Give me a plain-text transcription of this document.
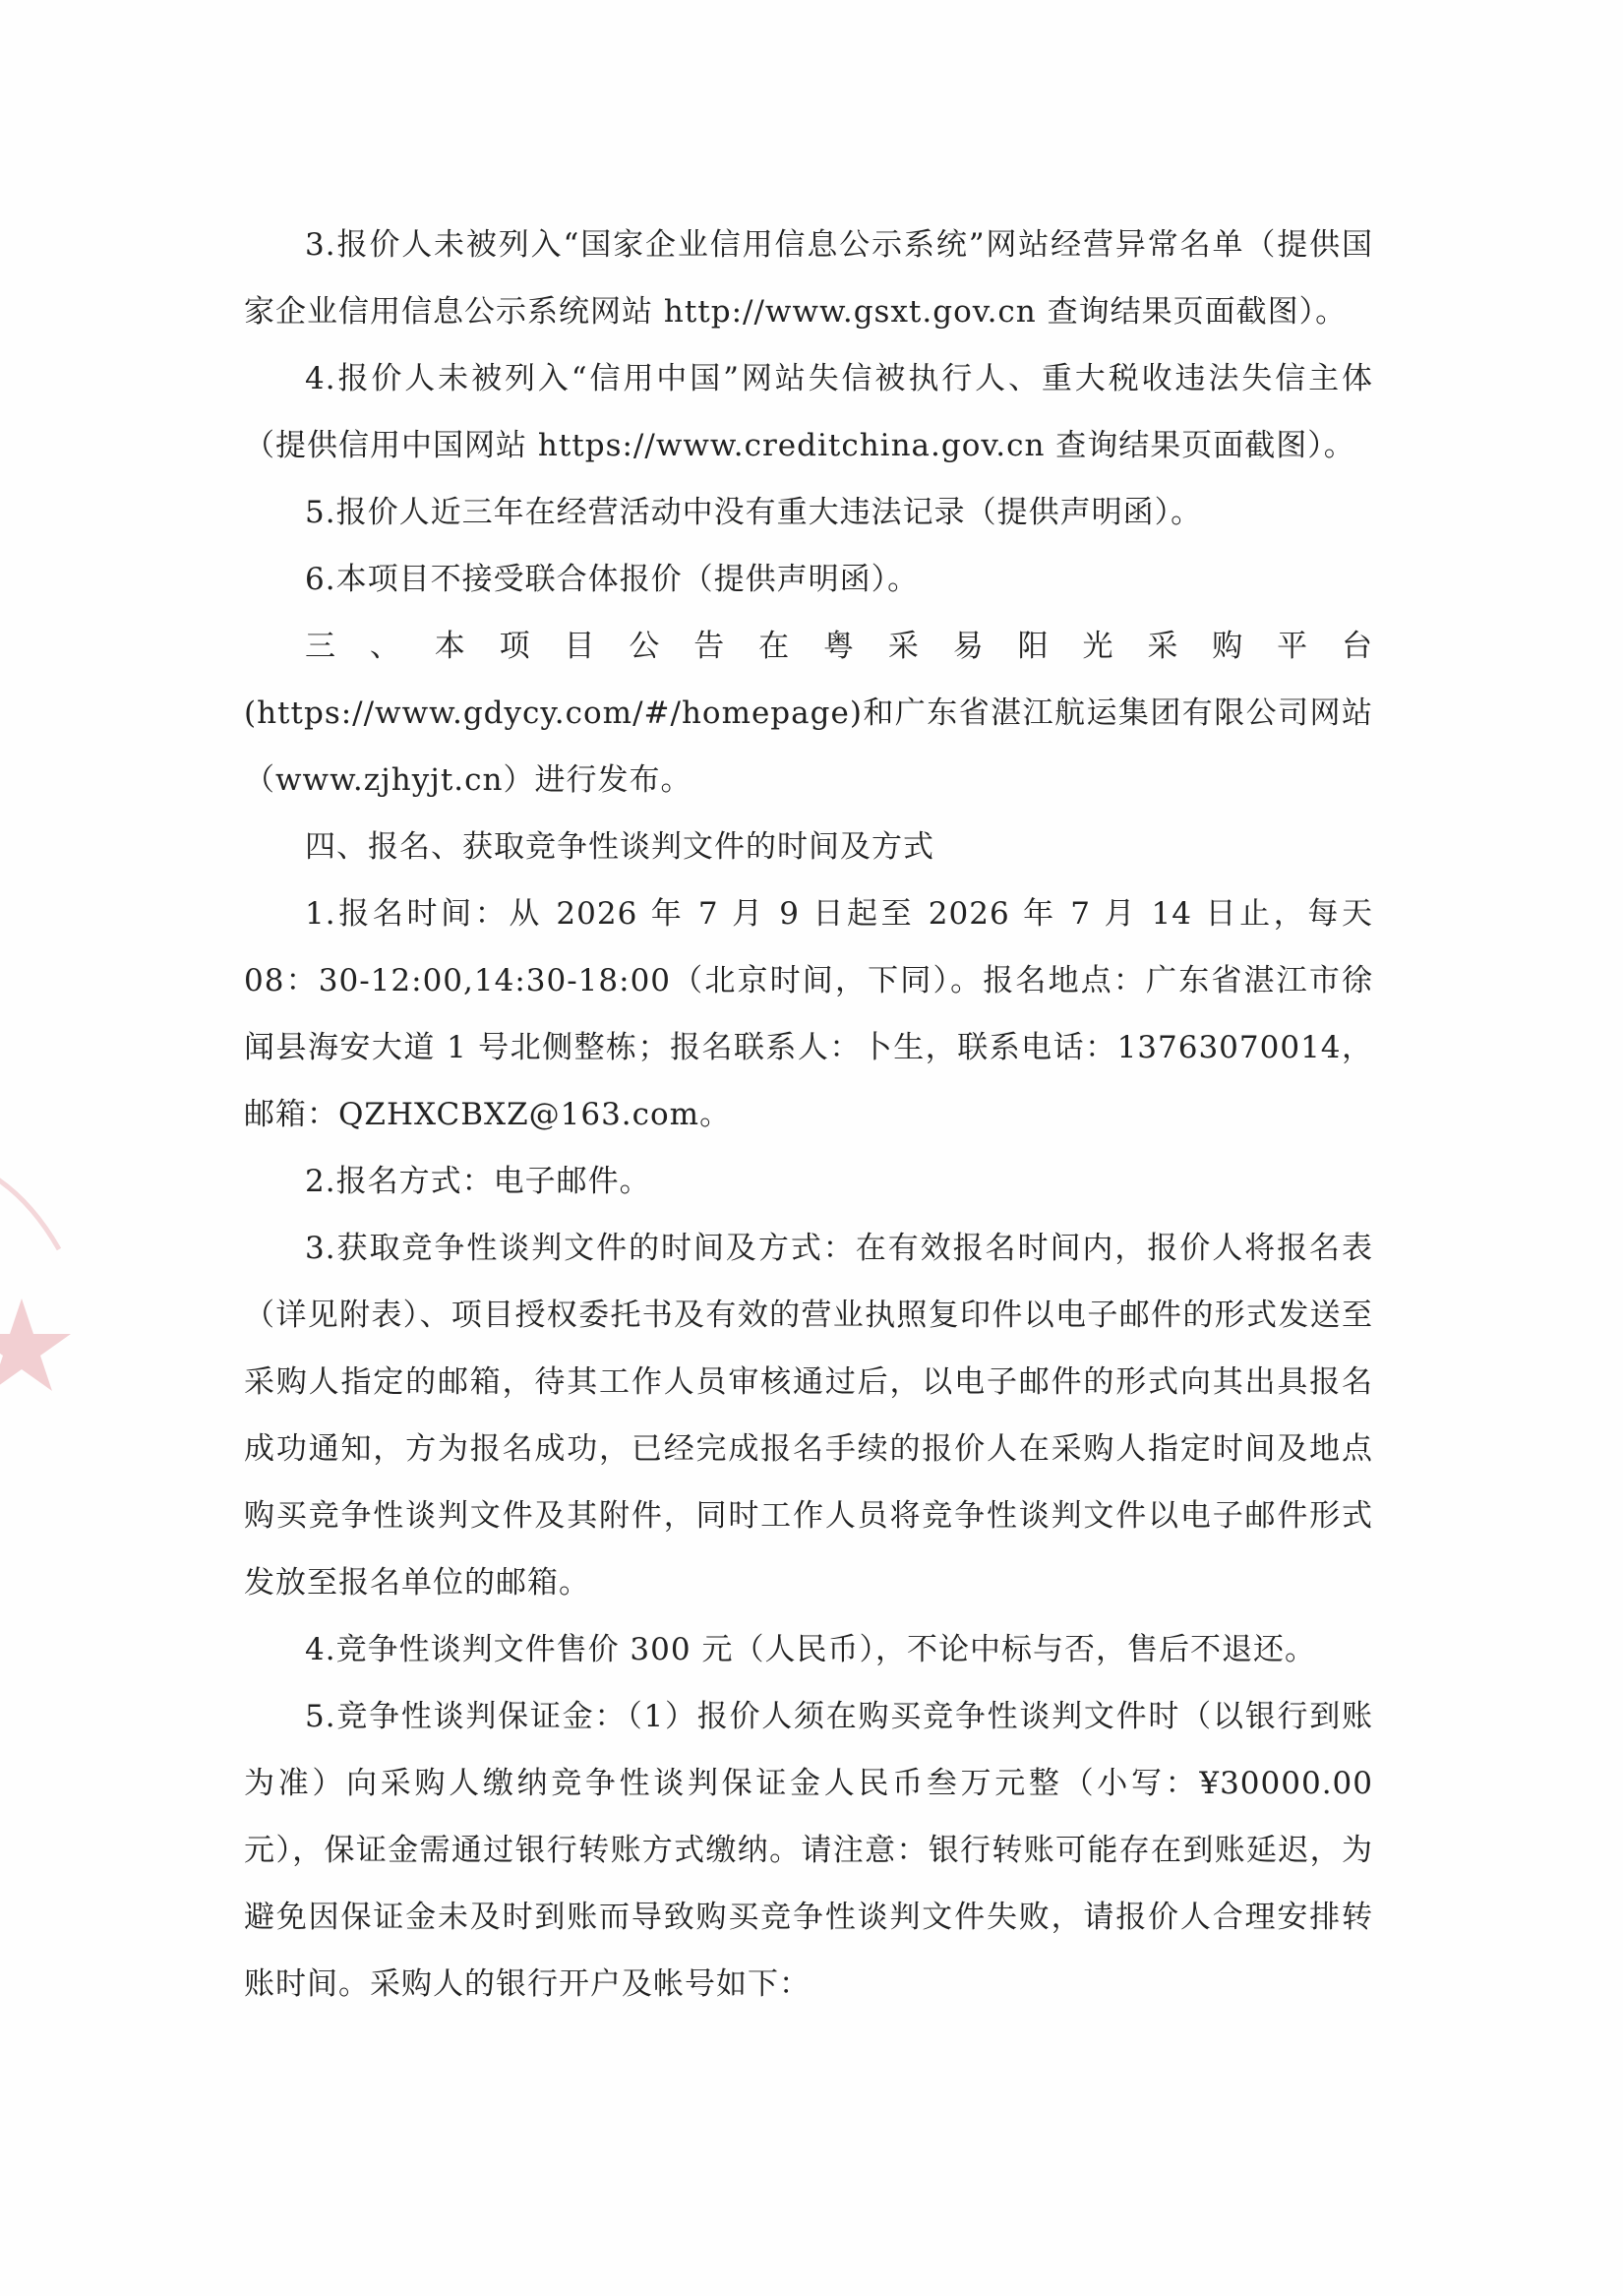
3.报价人未被列入“国家企业信用信息公示系统”网站经营异常名单（提供国家企业信用信息公示系统网站 http://www.gsxt.gov.cn 查询结果页面截图）。

4.报价人未被列入“信用中国”网站失信被执行人、重大税收违法失信主体（提供信用中国网站 https://www.creditchina.gov.cn 查询结果页面截图）。

5.报价人近三年在经营活动中没有重大违法记录（提供声明函）。

6.本项目不接受联合体报价（提供声明函）。

三、本项目公告在粤采易阳光采购平台(https://www.gdycy.com/#/homepage)和广东省湛江航运集团有限公司网站（www.zjhyjt.cn）进行发布。

四、报名、获取竞争性谈判文件的时间及方式

1.报名时间：从 2026 年 7 月 9 日起至 2026 年 7 月 14 日止，每天 08：30-12:00,14:30-18:00（北京时间，下同）。报名地点：广东省湛江市徐闻县海安大道 1 号北侧整栋；报名联系人：卜生，联系电话：13763070014，邮箱：QZHXCBXZ@163.com。

2.报名方式：电子邮件。

3.获取竞争性谈判文件的时间及方式：在有效报名时间内，报价人将报名表（详见附表）、项目授权委托书及有效的营业执照复印件以电子邮件的形式发送至采购人指定的邮箱，待其工作人员审核通过后，以电子邮件的形式向其出具报名成功通知，方为报名成功，已经完成报名手续的报价人在采购人指定时间及地点购买竞争性谈判文件及其附件，同时工作人员将竞争性谈判文件以电子邮件形式发放至报名单位的邮箱。

4.竞争性谈判文件售价 300 元（人民币），不论中标与否，售后不退还。

5.竞争性谈判保证金：（1）报价人须在购买竞争性谈判文件时（以银行到账为准）向采购人缴纳竞争性谈判保证金人民币叁万元整（小写：¥30000.00 元），保证金需通过银行转账方式缴纳。请注意：银行转账可能存在到账延迟，为避免因保证金未及时到账而导致购买竞争性谈判文件失败，请报价人合理安排转账时间。采购人的银行开户及帐号如下：
